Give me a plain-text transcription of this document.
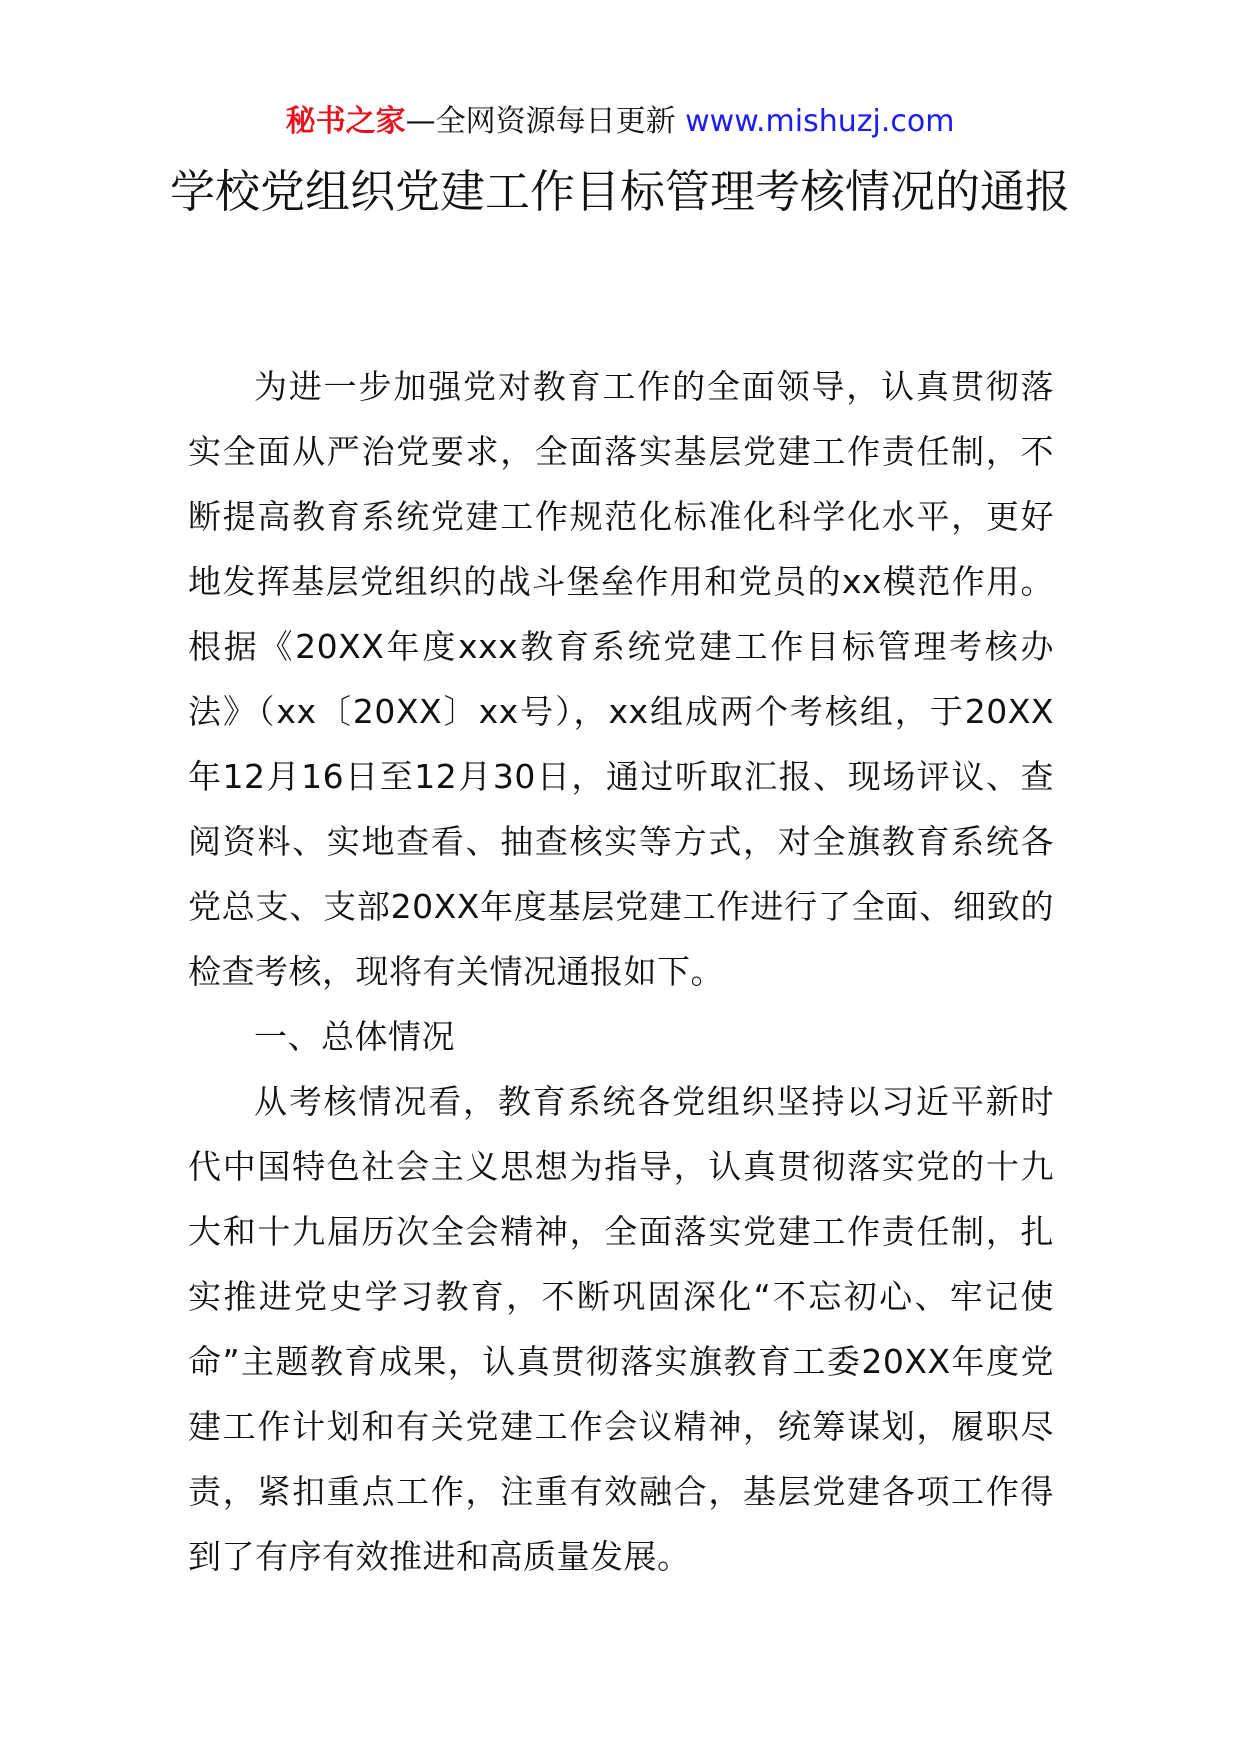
秘书之家—全网资源每日更新 www.mishuzj.com
学校党组织党建工作目标管理考核情况的通报

为进一步加强党对教育工作的全面领导，认真贯彻落实全面从严治党要求，全面落实基层党建工作责任制，不断提高教育系统党建工作规范化标准化科学化水平，更好地发挥基层党组织的战斗堡垒作用和党员的xx模范作用。根据《20XX年度xxx教育系统党建工作目标管理考核办法》（xx〔20XX〕xx号），xx组成两个考核组，于20XX年12月16日至12月30日，通过听取汇报、现场评议、查阅资料、实地查看、抽查核实等方式，对全旗教育系统各党总支、支部20XX年度基层党建工作进行了全面、细致的检查考核，现将有关情况通报如下。

一、总体情况

从考核情况看，教育系统各党组织坚持以习近平新时代中国特色社会主义思想为指导，认真贯彻落实党的十九大和十九届历次全会精神，全面落实党建工作责任制，扎实推进党史学习教育，不断巩固深化“不忘初心、牢记使命”主题教育成果，认真贯彻落实旗教育工委20XX年度党建工作计划和有关党建工作会议精神，统筹谋划，履职尽责，紧扣重点工作，注重有效融合，基层党建各项工作得到了有序有效推进和高质量发展。
